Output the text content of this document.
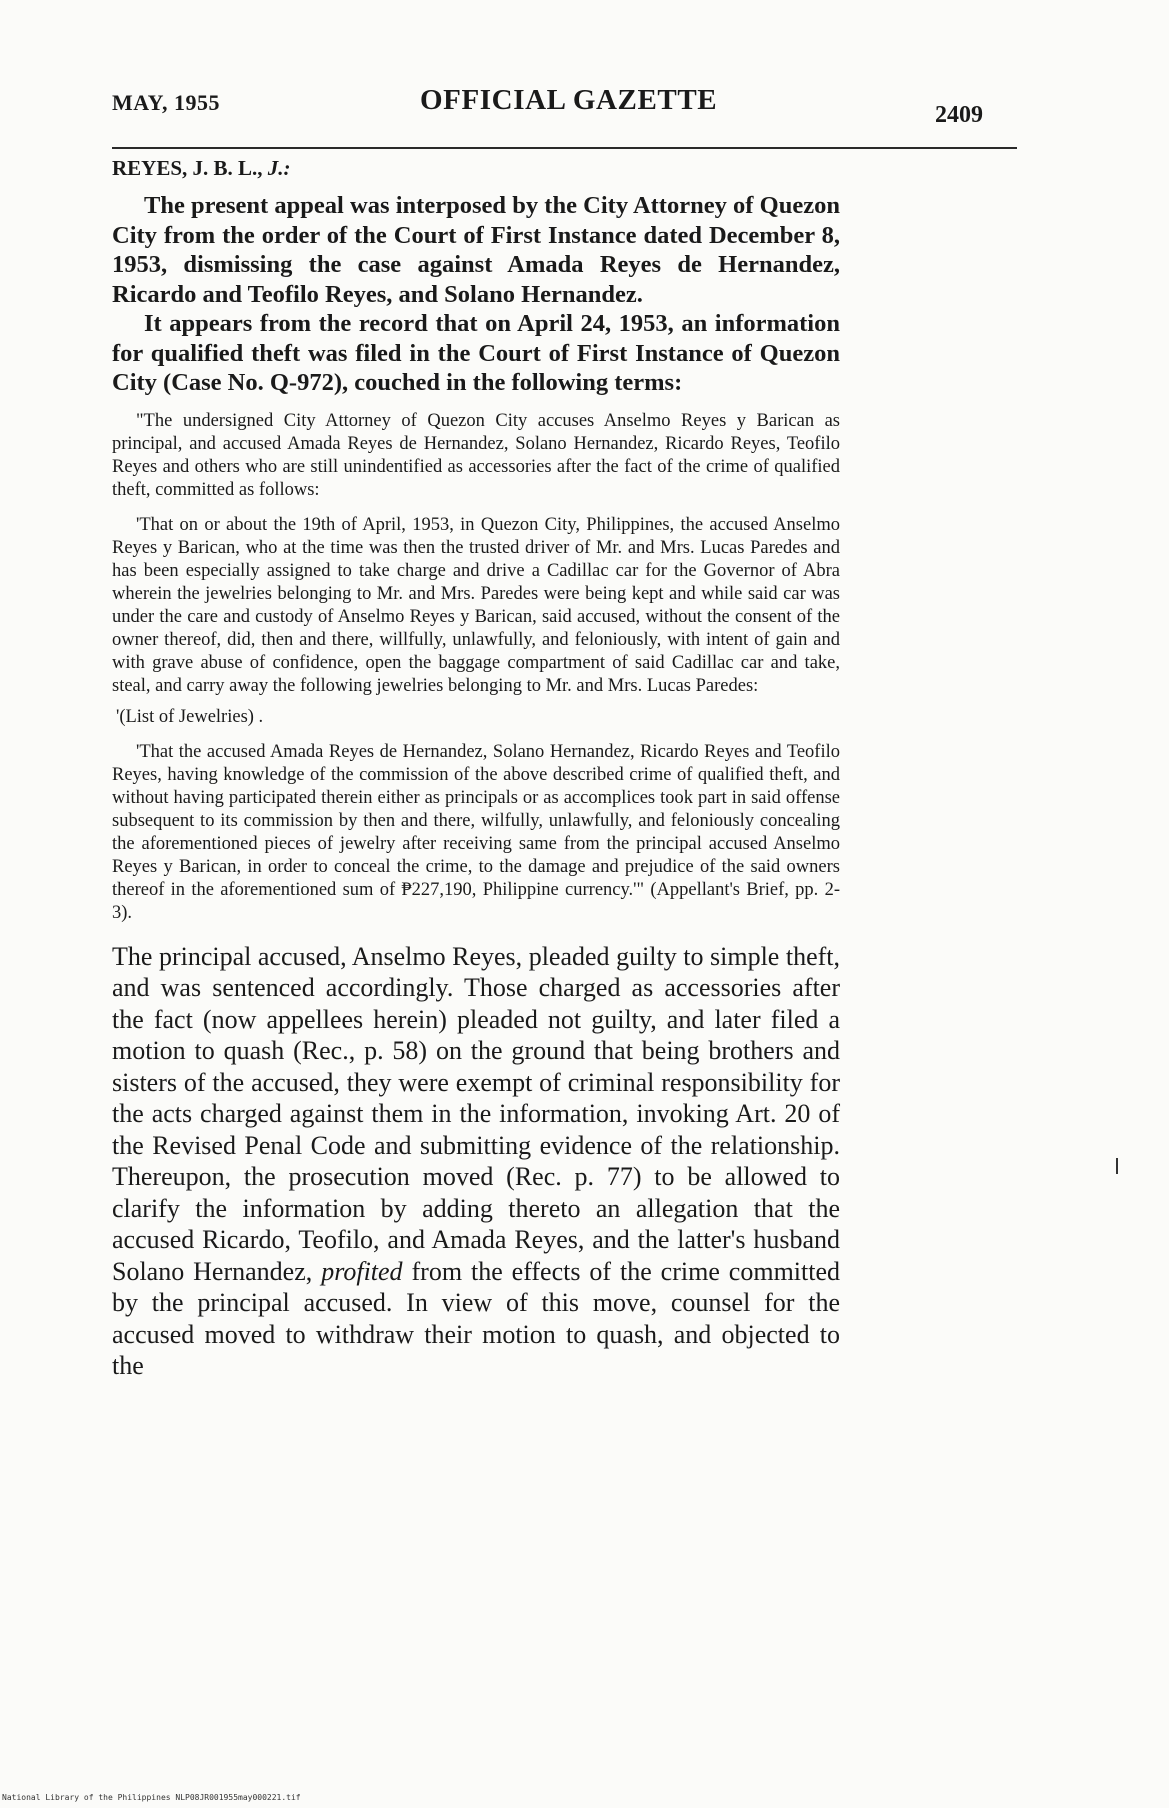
MAY, 1955	OFFICIAL GAZETTE	2409
REYES, J. B. L., J.:

The present appeal was interposed by the City Attorney of Quezon City from the order of the Court of First Instance dated December 8, 1953, dismissing the case against Amada Reyes de Hernandez, Ricardo and Teofilo Reyes, and Solano Hernandez.

It appears from the record that on April 24, 1953, an information for qualified theft was filed in the Court of First Instance of Quezon City (Case No. Q-972), couched in the following terms:

"The undersigned City Attorney of Quezon City accuses Anselmo Reyes y Barican as principal, and accused Amada Reyes de Hernandez, Solano Hernandez, Ricardo Reyes, Teofilo Reyes and others who are still unindentified as accessories after the fact of the crime of qualified theft, committed as follows:

'That on or about the 19th of April, 1953, in Quezon City, Philippines, the accused Anselmo Reyes y Barican, who at the time was then the trusted driver of Mr. and Mrs. Lucas Paredes and has been especially assigned to take charge and drive a Cadillac car for the Governor of Abra wherein the jewelries belonging to Mr. and Mrs. Paredes were being kept and while said car was under the care and custody of Anselmo Reyes y Barican, said accused, without the consent of the owner thereof, did, then and there, willfully, unlawfully, and feloniously, with intent of gain and with grave abuse of confidence, open the baggage compartment of said Cadillac car and take, steal, and carry away the following jewelries belonging to Mr. and Mrs. Lucas Paredes:

'(List of Jewelries) .

'That the accused Amada Reyes de Hernandez, Solano Hernandez, Ricardo Reyes and Teofilo Reyes, having knowledge of the commission of the above described crime of qualified theft, and without having participated therein either as principals or as accomplices took part in said offense subsequent to its commission by then and there, wilfully, unlawfully, and feloniously concealing the aforementioned pieces of jewelry after receiving same from the principal accused Anselmo Reyes y Barican, in order to conceal the crime, to the damage and prejudice of the said owners thereof in the aforementioned sum of ₱227,190, Philippine currency.'" (Appellant's Brief, pp. 2-3).

The principal accused, Anselmo Reyes, pleaded guilty to simple theft, and was sentenced accordingly. Those charged as accessories after the fact (now appellees herein) pleaded not guilty, and later filed a motion to quash (Rec., p. 58) on the ground that being brothers and sisters of the accused, they were exempt of criminal responsibility for the acts charged against them in the information, invoking Art. 20 of the Revised Penal Code and submitting evidence of the relationship. Thereupon, the prosecution moved (Rec. p. 77) to be allowed to clarify the information by adding thereto an allegation that the accused Ricardo, Teofilo, and Amada Reyes, and the latter's husband Solano Hernandez, profited from the effects of the crime committed by the principal accused. In view of this move, counsel for the accused moved to withdraw their motion to quash, and objected to the

National Library of the Philippines NLP08JR001955may000221.tif
